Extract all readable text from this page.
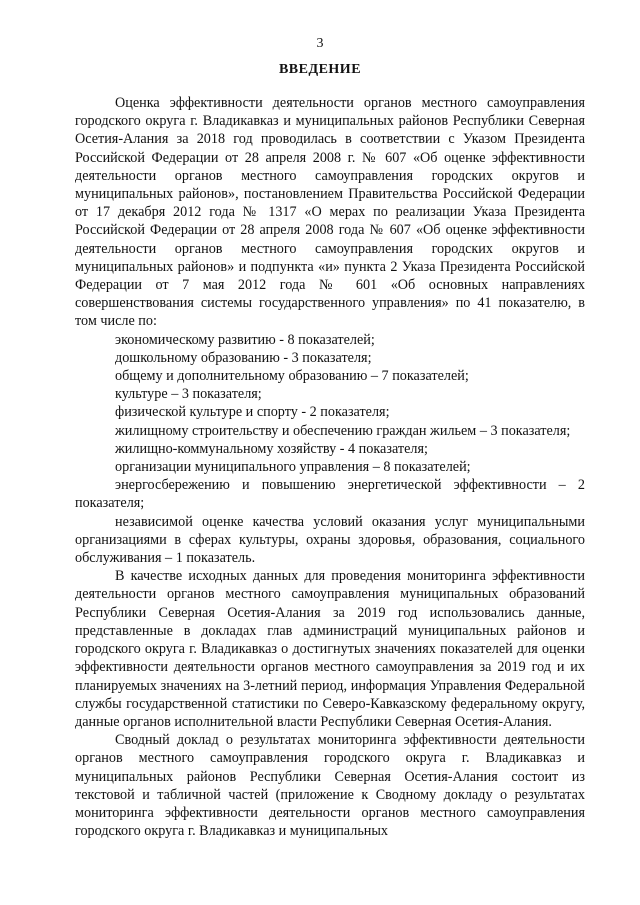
3
ВВЕДЕНИЕ

Оценка эффективности деятельности органов местного самоуправления городского округа г. Владикавказ и муниципальных районов Республики Северная Осетия-Алания за 2018 год проводилась в соответствии с Указом Президента Российской Федерации от 28 апреля 2008 г. № 607 «Об оценке эффективности деятельности органов местного самоуправления городских округов и муниципальных районов», постановлением Правительства Российской Федерации от 17 декабря 2012 года № 1317 «О мерах по реализации Указа Президента Российской Федерации от 28 апреля 2008 года № 607 «Об оценке эффективности деятельности органов местного самоуправления городских округов и муниципальных районов» и подпункта «и» пункта 2 Указа Президента Российской Федерации от 7 мая 2012 года № 601 «Об основных направлениях совершенствования системы государственного управления» по 41 показателю, в том числе по:

экономическому развитию - 8 показателей;

дошкольному образованию - 3 показателя;

общему и дополнительному образованию – 7 показателей;

культуре – 3 показателя;

физической культуре и спорту - 2 показателя;

жилищному строительству и обеспечению граждан жильем – 3 показателя;

жилищно-коммунальному хозяйству - 4 показателя;

организации муниципального управления – 8 показателей;

энергосбережению и повышению энергетической эффективности – 2 показателя;

независимой оценке качества условий оказания услуг муниципальными организациями в сферах культуры, охраны здоровья, образования, социального обслуживания – 1 показатель.

В качестве исходных данных для проведения мониторинга эффективности деятельности органов местного самоуправления муниципальных образований Республики Северная Осетия-Алания за 2019 год использовались данные, представленные в докладах глав администраций муниципальных районов и городского округа г. Владикавказ о достигнутых значениях показателей для оценки эффективности деятельности органов местного самоуправления за 2019 год и их планируемых значениях на 3-летний период, информация Управления Федеральной службы государственной статистики по Северо-Кавказскому федеральному округу, данные органов исполнительной власти Республики Северная Осетия-Алания.

Сводный доклад о результатах мониторинга эффективности деятельности органов местного самоуправления городского округа г. Владикавказ и муниципальных районов Республики Северная Осетия-Алания состоит из текстовой и табличной частей (приложение к Сводному докладу о результатах мониторинга эффективности деятельности органов местного самоуправления городского округа г. Владикавказ и муниципальных
